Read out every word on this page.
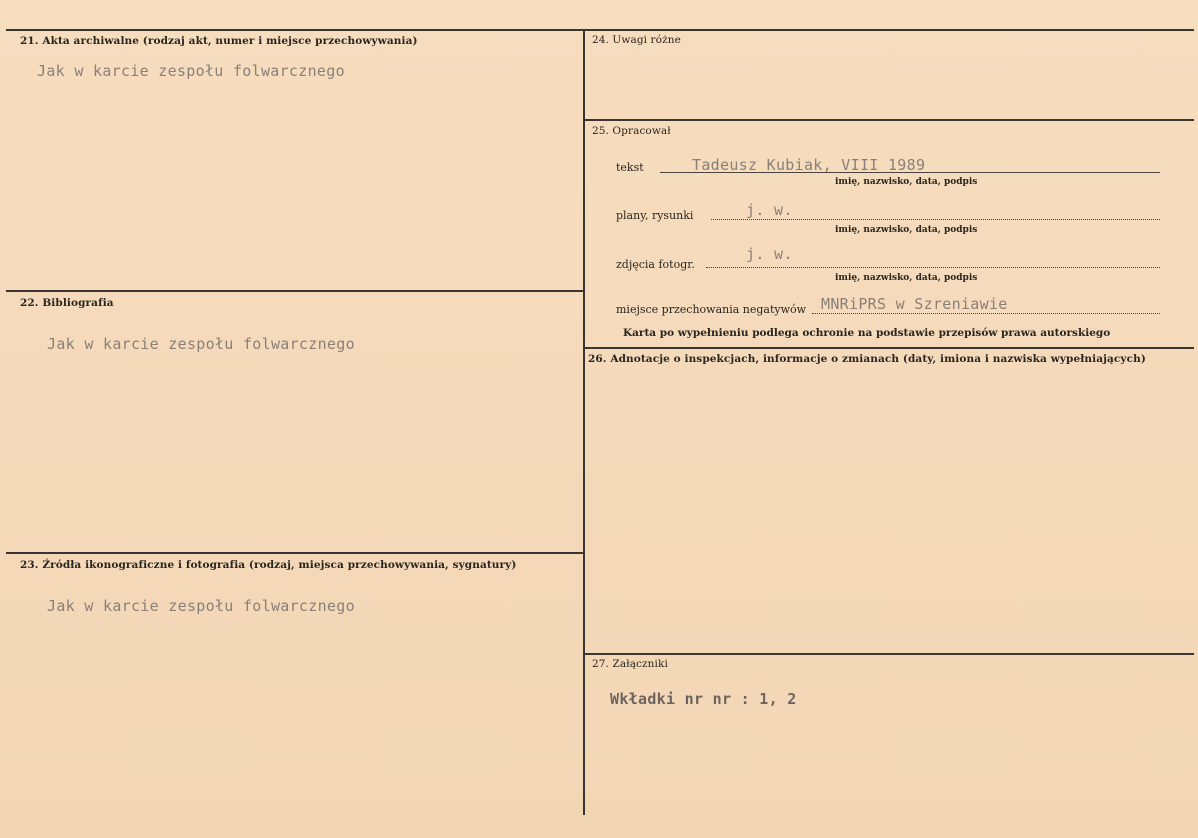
21. Akta archiwalne (rodzaj akt, numer i miejsce przechowywania)
Jak w karcie zespołu folwarcznego
22. Bibliografia
Jak w karcie zespołu folwarcznego
23. Źródła ikonograficzne i fotografia (rodzaj, miejsca przechowywania, sygnatury)
Jak w karcie zespołu folwarcznego
24. Uwagi różne
25. Opracował
tekst	Tadeusz Kubiak, VIII 1989
imię, nazwisko, data, podpis
plany, rysunki	j. w.
imię, nazwisko, data, podpis
zdjęcia fotogr.
j. w.
imię, nazwisko, data, podpis
miejsce przechowania negatywów MNRiPRS w Szreniawie
Karta po wypełnieniu podlega ochronie na podstawie przepisów prawa autorskiego
26. Adnotacje o inspekcjach, informacje o zmianach (daty, imiona i nazwiska wypełniających)
27. Załączniki
Wkładki nr nr : 1, 2
